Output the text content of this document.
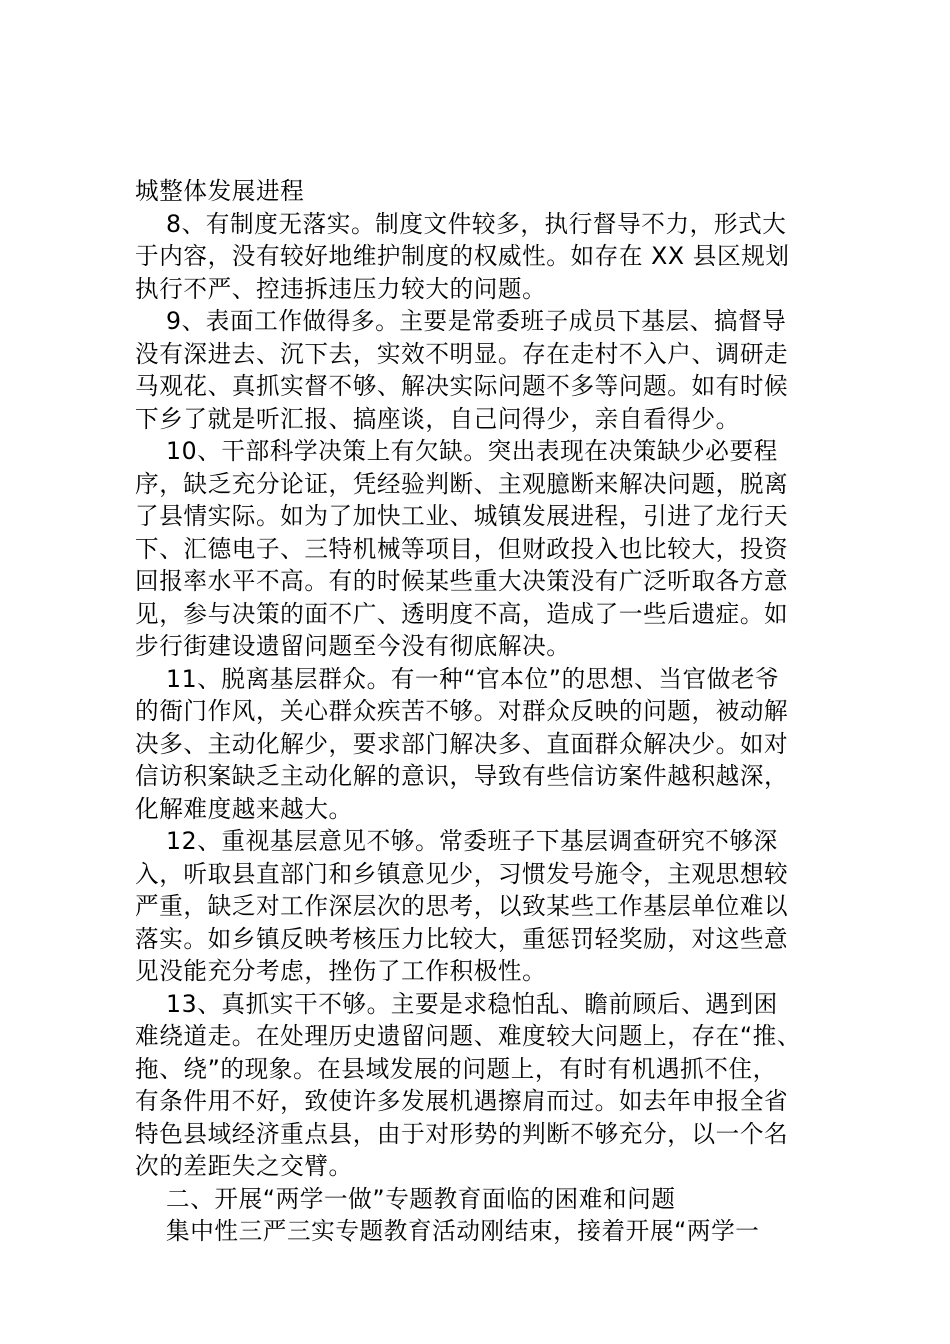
城整体发展进程
8、有制度无落实。制度文件较多，执行督导不力，形式大
于内容，没有较好地维护制度的权威性。如存在 XX 县区规划
执行不严、控违拆违压力较大的问题。
9、表面工作做得多。主要是常委班子成员下基层、搞督导
没有深进去、沉下去，实效不明显。存在走村不入户、调研走
马观花、真抓实督不够、解决实际问题不多等问题。如有时候
下乡了就是听汇报、搞座谈，自己问得少，亲自看得少。
10、干部科学决策上有欠缺。突出表现在决策缺少必要程
序，缺乏充分论证，凭经验判断、主观臆断来解决问题，脱离
了县情实际。如为了加快工业、城镇发展进程，引进了龙行天
下、汇德电子、三特机械等项目，但财政投入也比较大，投资
回报率水平不高。有的时候某些重大决策没有广泛听取各方意
见，参与决策的面不广、透明度不高，造成了一些后遗症。如
步行街建设遗留问题至今没有彻底解决。
11、脱离基层群众。有一种“官本位”的思想、当官做老爷
的衙门作风，关心群众疾苦不够。对群众反映的问题，被动解
决多、主动化解少，要求部门解决多、直面群众解决少。如对
信访积案缺乏主动化解的意识，导致有些信访案件越积越深，
化解难度越来越大。
12、重视基层意见不够。常委班子下基层调查研究不够深
入，听取县直部门和乡镇意见少，习惯发号施令，主观思想较
严重，缺乏对工作深层次的思考，以致某些工作基层单位难以
落实。如乡镇反映考核压力比较大，重惩罚轻奖励，对这些意
见没能充分考虑，挫伤了工作积极性。
13、真抓实干不够。主要是求稳怕乱、瞻前顾后、遇到困
难绕道走。在处理历史遗留问题、难度较大问题上，存在“推、
拖、绕”的现象。在县域发展的问题上，有时有机遇抓不住，
有条件用不好，致使许多发展机遇擦肩而过。如去年申报全省
特色县域经济重点县，由于对形势的判断不够充分，以一个名
次的差距失之交臂。
二、开展“两学一做”专题教育面临的困难和问题
集中性三严三实专题教育活动刚结束，接着开展“两学一
